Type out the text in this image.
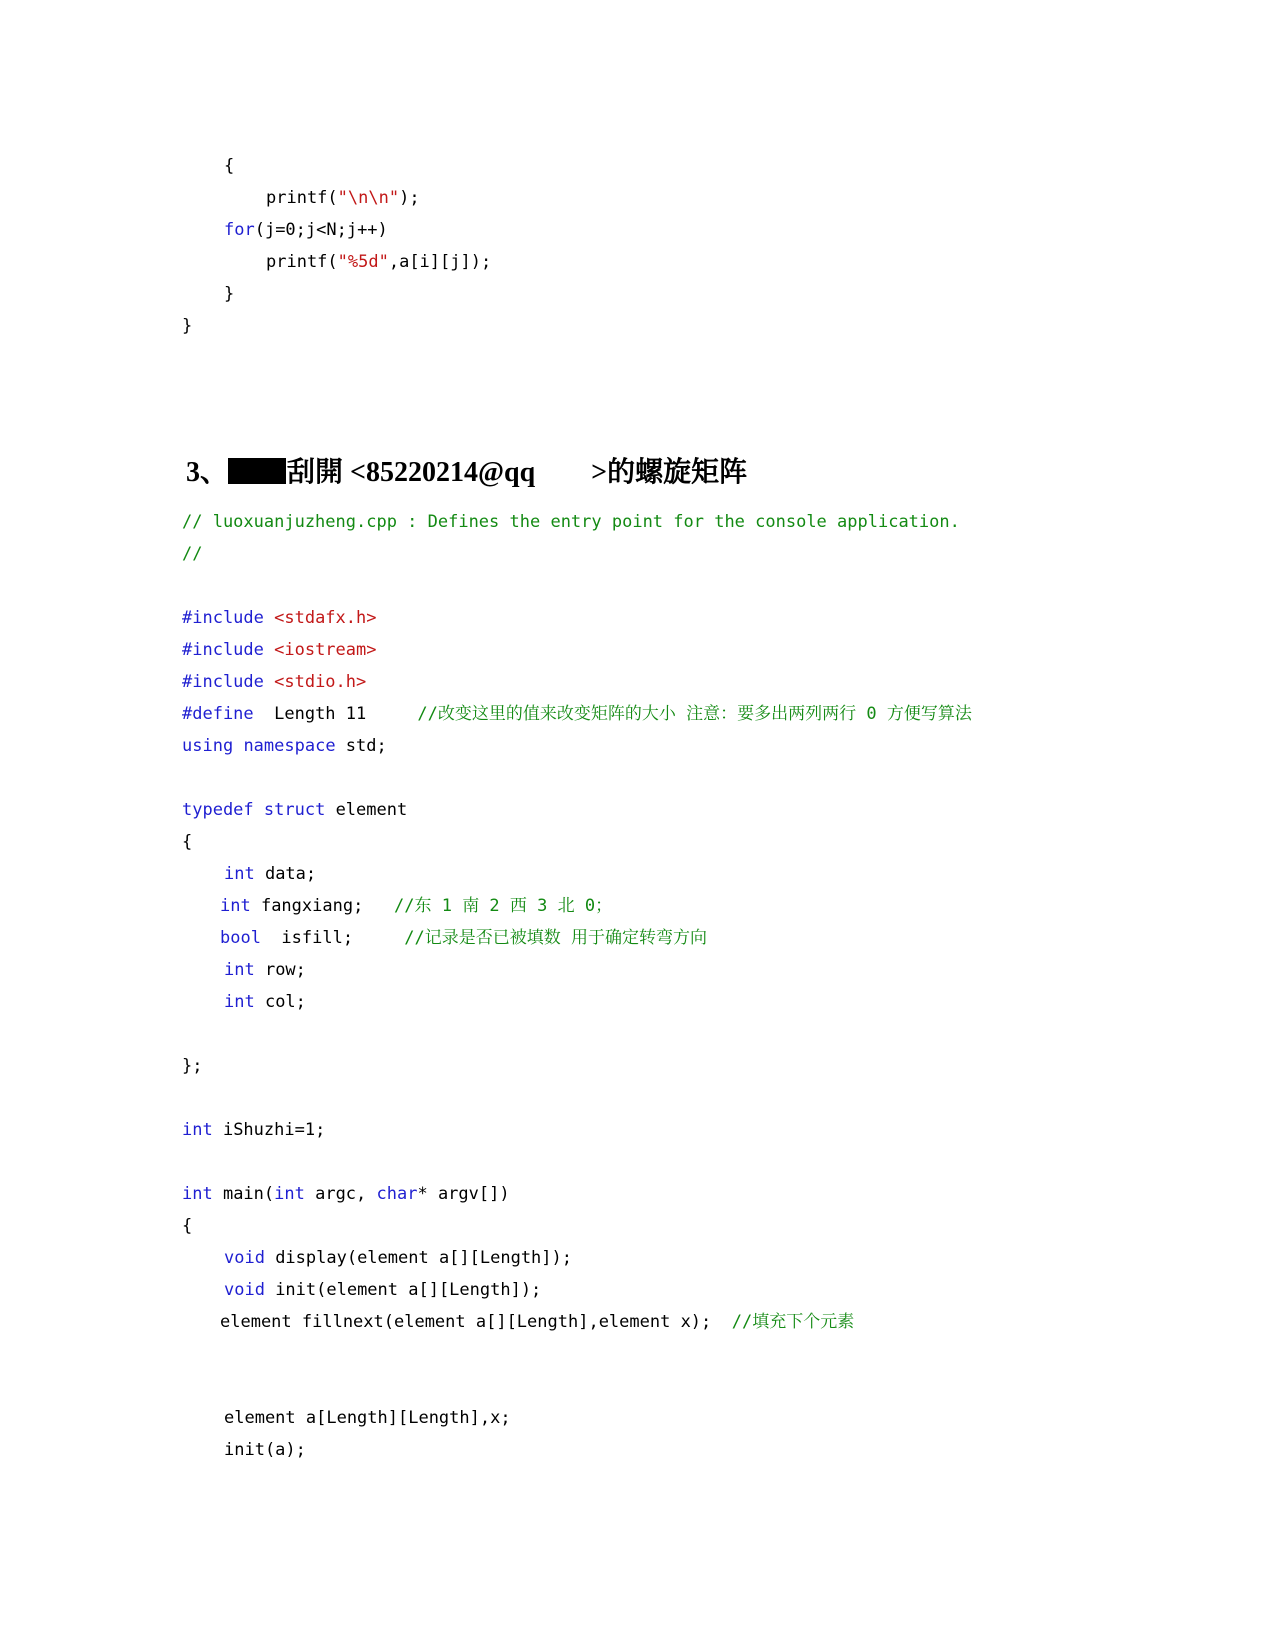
{
printf("\n\n");
for(j=0;j<N;j++)
printf("%5d",a[i][j]);
}
}
3、 刮開 <85220214@qq >的螺旋矩阵
// luoxuanjuzheng.cpp : Defines the entry point for the console application.
//
#include <stdafx.h>
#include <iostream>
#include <stdio.h>
#define  Length 11     //改变这里的值来改变矩阵的大小 注意：要多出两列两行 0 方便写算法
using namespace std;
typedef struct element
{
int data;
int fangxiang;   //东 1 南 2 西 3 北 0；
bool  isfill;     //记录是否已被填数 用于确定转弯方向
int row;
int col;
};
int iShuzhi=1;
int main(int argc, char* argv[])
{
void display(element a[][Length]);
void init(element a[][Length]);
element fillnext(element a[][Length],element x);  //填充下个元素
element a[Length][Length],x;
init(a);
